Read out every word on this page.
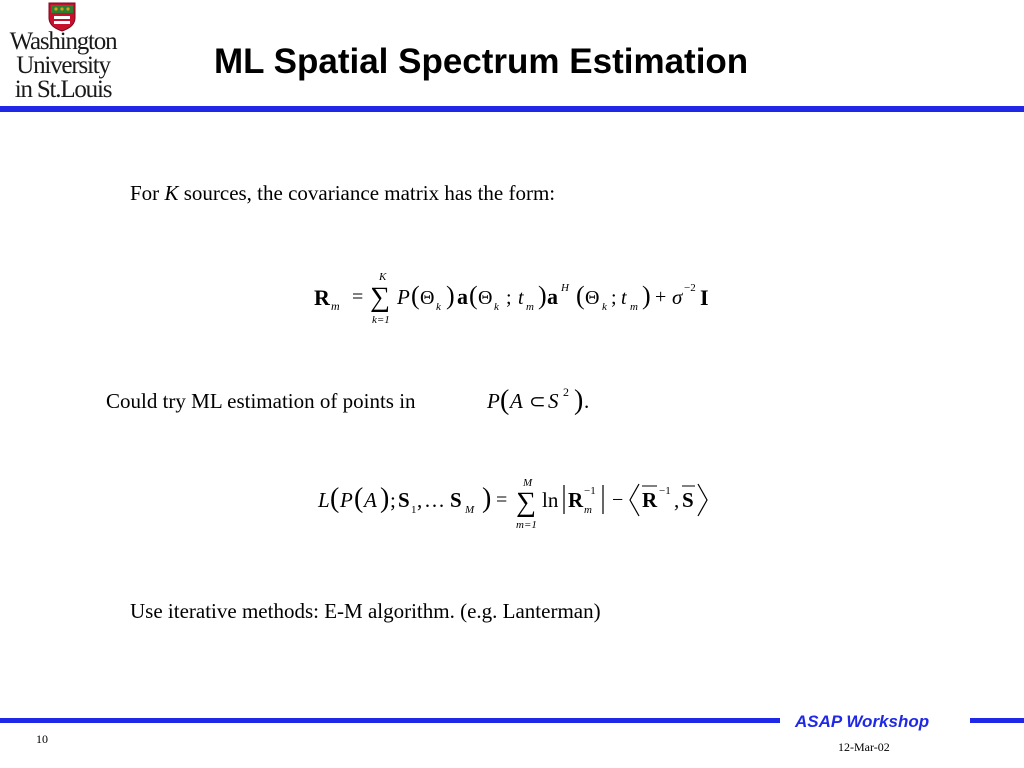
Washington
University
in St.Louis
ML Spatial Spectrum Estimation
For K sources, the covariance matrix has the form:
R m =
K
∑
k=1
P ( Θ k ) a ( Θ k ; t m ) a H ( Θ k ; t m ) + σ −2 I
Could try ML estimation of points in	P ( A ⊂ S 2 ) .
L ( P ( A ) ; S 1 , … S M ) =
M
∑
m=1
ln R −1
m − R −1 , S
Use iterative methods: E-M algorithm. (e.g. Lanterman)
ASAP Workshop
10
12-Mar-02
